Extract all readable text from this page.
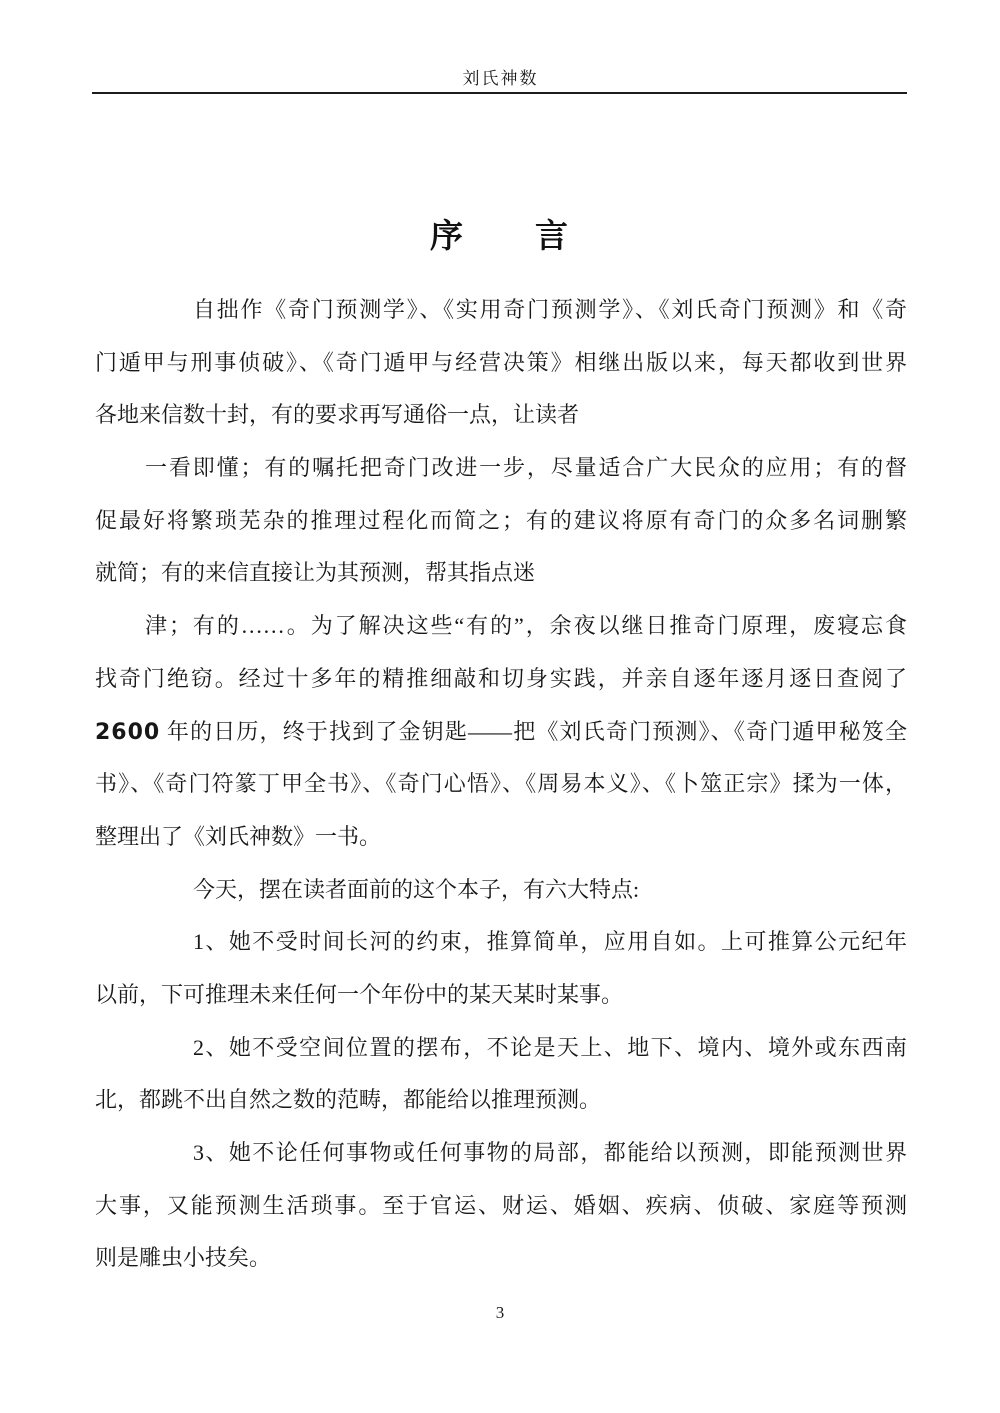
刘氏神数
序　　言
自拙作《奇门预测学》、《实用奇门预测学》、《刘氏奇门预测》和《奇
门遁甲与刑事侦破》、《奇门遁甲与经营决策》相继出版以来，每天都收到世界
各地来信数十封，有的要求再写通俗一点，让读者
一看即懂；有的嘱托把奇门改进一步，尽量适合广大民众的应用；有的督
促最好将繁琐芜杂的推理过程化而简之；有的建议将原有奇门的众多名词删繁
就简；有的来信直接让为其预测，帮其指点迷
津；有的……。为了解决这些“有的”，余夜以继日推奇门原理，废寝忘食
找奇门绝窃。经过十多年的精推细敲和切身实践，并亲自逐年逐月逐日查阅了
2600 年的日历，终于找到了金钥匙——把《刘氏奇门预测》、《奇门遁甲秘笈全
书》、《奇门符篆丁甲全书》、《奇门心悟》、《周易本义》、《卜筮正宗》揉为一体，
整理出了《刘氏神数》一书。
今天，摆在读者面前的这个本子，有六大特点:
1、她不受时间长河的约束，推算简单，应用自如。上可推算公元纪年
以前，下可推理未来任何一个年份中的某天某时某事。
2、她不受空间位置的摆布，不论是天上、地下、境内、境外或东西南
北，都跳不出自然之数的范畴，都能给以推理预测。
3、她不论任何事物或任何事物的局部，都能给以预测，即能预测世界
大事，又能预测生活琐事。至于官运、财运、婚姻、疾病、侦破、家庭等预测
则是雕虫小技矣。
3
